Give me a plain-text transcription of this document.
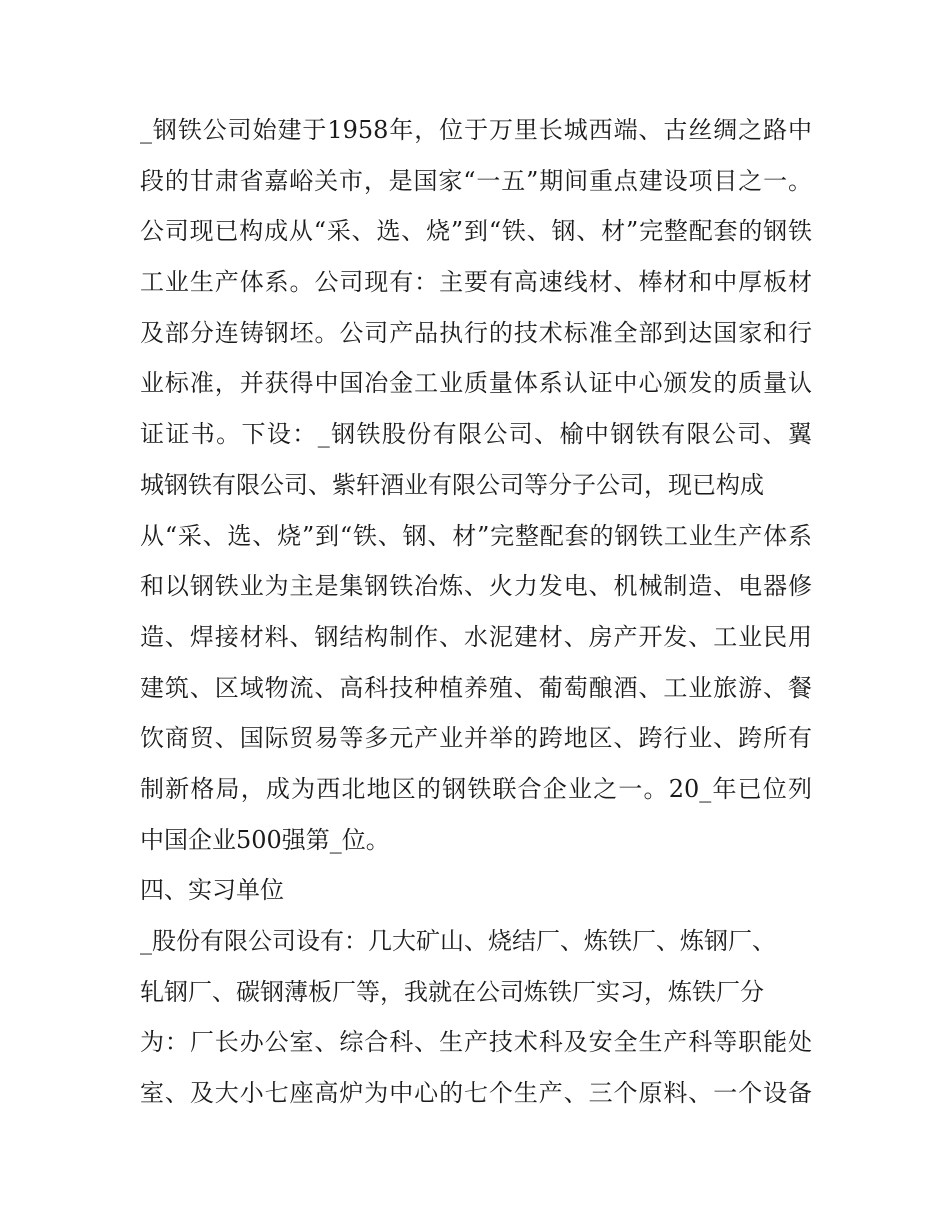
_钢铁公司始建于1958年，位于万里长城西端、古丝绸之路中
段的甘肃省嘉峪关市，是国家“一五”期间重点建设项目之一。
公司现已构成从“采、选、烧”到“铁、钢、材”完整配套的钢铁
工业生产体系。公司现有：主要有高速线材、棒材和中厚板材
及部分连铸钢坯。公司产品执行的技术标准全部到达国家和行
业标准，并获得中国冶金工业质量体系认证中心颁发的质量认
证证书。下设：_钢铁股份有限公司、榆中钢铁有限公司、翼
城钢铁有限公司、紫轩酒业有限公司等分子公司，现已构成
从“采、选、烧”到“铁、钢、材”完整配套的钢铁工业生产体系
和以钢铁业为主是集钢铁冶炼、火力发电、机械制造、电器修
造、焊接材料、钢结构制作、水泥建材、房产开发、工业民用
建筑、区域物流、高科技种植养殖、葡萄酿酒、工业旅游、餐
饮商贸、国际贸易等多元产业并举的跨地区、跨行业、跨所有
制新格局，成为西北地区的钢铁联合企业之一。20_年已位列
中国企业500强第_位。
四、实习单位
_股份有限公司设有：几大矿山、烧结厂、炼铁厂、炼钢厂、
轧钢厂、碳钢薄板厂等，我就在公司炼铁厂实习，炼铁厂分
为：厂长办公室、综合科、生产技术科及安全生产科等职能处
室、及大小七座高炉为中心的七个生产、三个原料、一个设备
